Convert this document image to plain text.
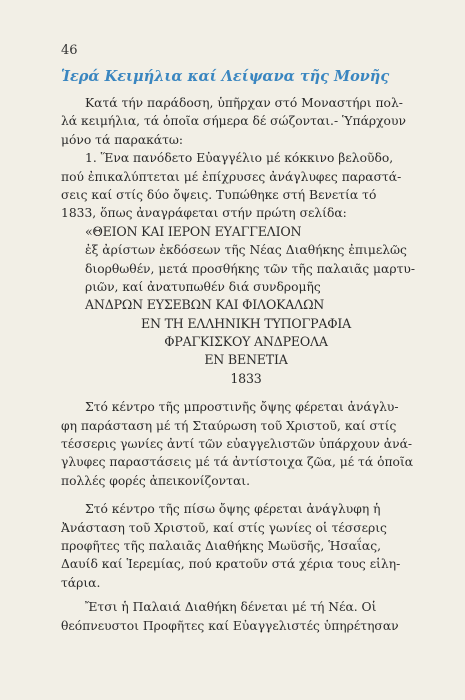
46
Ἱερά Κειμήλια καί Λείψανα τῆς Μονῆς
Κατά τήν παράδοση, ὑπῆρχαν στό Μοναστήρι πολ-
λά κειμήλια, τά ὁποῖα σήμερα δέ σώζονται.- Ὑπάρχουν
μόνο τά παρακάτω:
1. Ἕνα πανόδετο Εὐαγγέλιο μέ κόκκινο βελοῦδο,
πού ἐπικαλύπτεται μέ ἐπίχρυσες ἀνάγλυφες παραστά-
σεις καί στίς δύο ὄψεις. Τυπώθηκε στή Βενετία τό
1833, ὅπως ἀναγράφεται στήν πρώτη σελίδα:
«ΘΕΙΟΝ ΚΑΙ ΙΕΡΟΝ ΕΥΑΓΓΕΛΙΟΝ
ἐξ ἀρίστων ἐκδόσεων τῆς Νέας Διαθήκης ἐπιμελῶς
διορθωθέν, μετά προσθήκης τῶν τῆς παλαιᾶς μαρτυ-
ριῶν, καί ἀνατυπωθέν διά συνδρομῆς
ΑΝΔΡΩΝ ΕΥΣΕΒΩΝ ΚΑΙ ΦΙΛΟΚΑΛΩΝ
ΕΝ ΤΗ ΕΛΛΗΝΙΚΗ ΤΥΠΟΓΡΑΦΙΑ
ΦΡΑΓΚΙΣΚΟΥ ΑΝΔΡΕΟΛΑ
ΕΝ ΒΕΝΕΤΙΑ
1833
Στό κέντρο τῆς μπροστινῆς ὄψης φέρεται ἀνάγλυ-
φη παράσταση μέ τή Σταύρωση τοῦ Χριστοῦ, καί στίς
τέσσερις γωνίες ἀντί τῶν εὐαγγελιστῶν ὑπάρχουν ἀνά-
γλυφες παραστάσεις μέ τά ἀντίστοιχα ζῶα, μέ τά ὁποῖα
πολλές φορές ἀπεικονίζονται.
Στό κέντρο τῆς πίσω ὄψης φέρεται ἀνάγλυφη ἡ
Ἀνάσταση τοῦ Χριστοῦ, καί στίς γωνίες οἱ τέσσερις
προφῆτες τῆς παλαιᾶς Διαθήκης Μωϋσῆς, Ἡσαΐας,
Δαυίδ καί Ἱερεμίας, πού κρατοῦν στά χέρια τους εἱλη-
τάρια.
Ἔτσι ἡ Παλαιά Διαθήκη δένεται μέ τή Νέα. Οἱ
θεόπνευστοι Προφῆτες καί Εὐαγγελιστές ὑπηρέτησαν
